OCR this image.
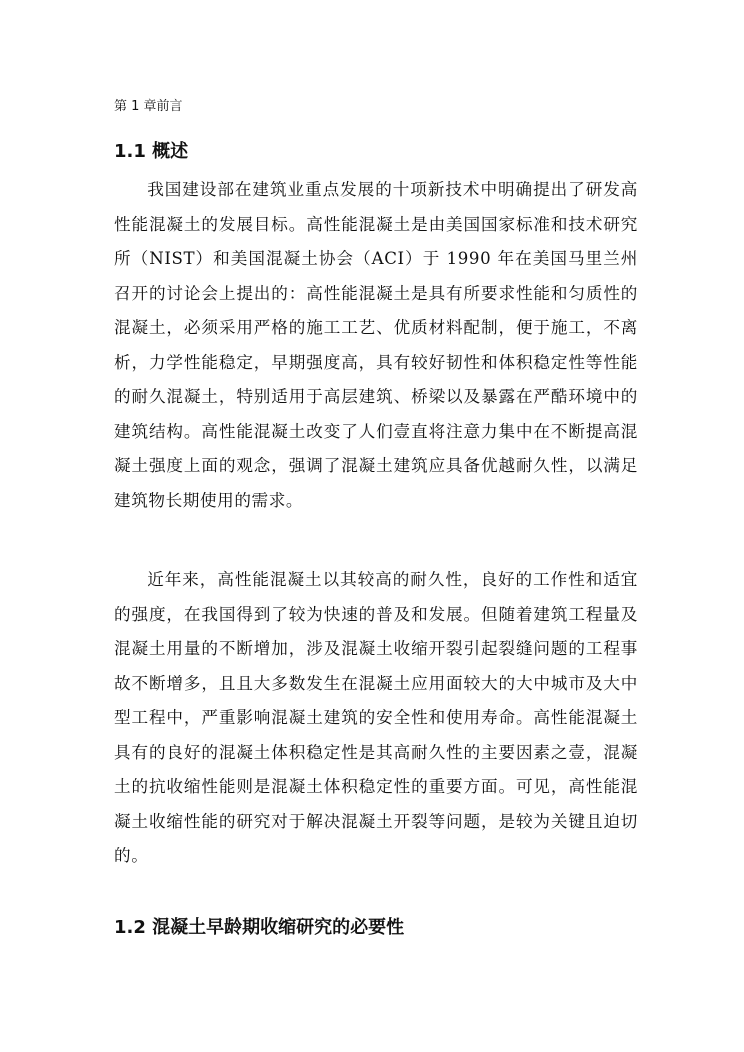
第 1 章前言
1.1 概述

我国建设部在建筑业重点发展的十项新技术中明确提出了研发高性能混凝土的发展目标。高性能混凝土是由美国国家标准和技术研究所（NIST）和美国混凝土协会（ACI）于 1990 年在美国马里兰州召开的讨论会上提出的：高性能混凝土是具有所要求性能和匀质性的混凝土，必须采用严格的施工工艺、优质材料配制，便于施工，不离析，力学性能稳定，早期强度高，具有较好韧性和体积稳定性等性能的耐久混凝土，特别适用于高层建筑、桥梁以及暴露在严酷环境中的建筑结构。高性能混凝土改变了人们壹直将注意力集中在不断提高混凝土强度上面的观念，强调了混凝土建筑应具备优越耐久性，以满足建筑物长期使用的需求。

近年来，高性能混凝土以其较高的耐久性，良好的工作性和适宜的强度，在我国得到了较为快速的普及和发展。但随着建筑工程量及混凝土用量的不断增加，涉及混凝土收缩开裂引起裂缝问题的工程事故不断增多，且且大多数发生在混凝土应用面较大的大中城市及大中型工程中，严重影响混凝土建筑的安全性和使用寿命。高性能混凝土具有的良好的混凝土体积稳定性是其高耐久性的主要因素之壹，混凝土的抗收缩性能则是混凝土体积稳定性的重要方面。可见，高性能混凝土收缩性能的研究对于解决混凝土开裂等问题，是较为关键且迫切的。

1.2 混凝土早龄期收缩研究的必要性
